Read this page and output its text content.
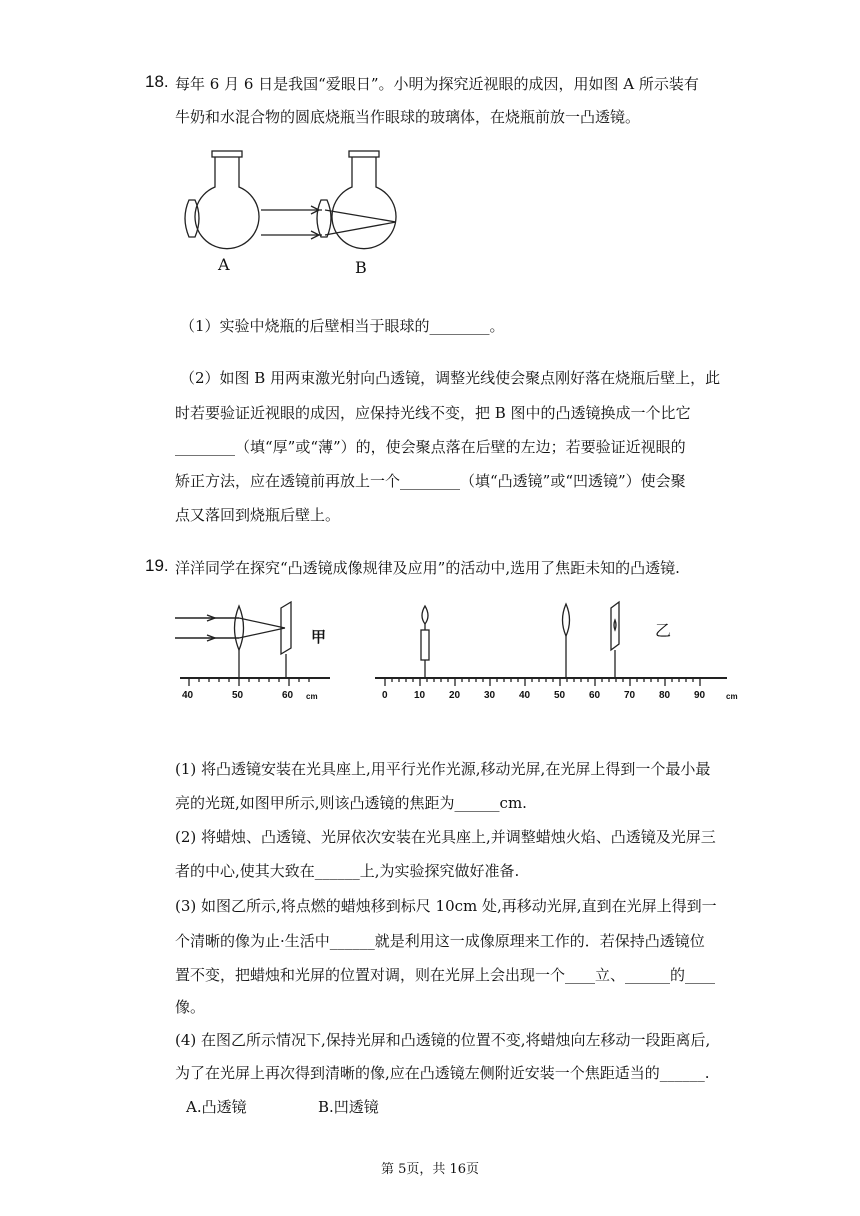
18. 每年 6 月 6 日是我国“爱眼日”。小明为探究近视眼的成因，用如图 A 所示装有
牛奶和水混合物的圆底烧瓶当作眼球的玻璃体，在烧瓶前放一凸透镜。
A	B
（1）实验中烧瓶的后壁相当于眼球的________。
（2）如图 B 用两束激光射向凸透镜，调整光线使会聚点刚好落在烧瓶后壁上，此
时若要验证近视眼的成因，应保持光线不变，把 B 图中的凸透镜换成一个比它
________（填“厚”或“薄”）的，使会聚点落在后壁的左边；若要验证近视眼的
矫正方法，应在透镜前再放上一个________（填“凸透镜”或“凹透镜”）使会聚
点又落回到烧瓶后壁上。
19. 洋洋同学在探究“凸透镜成像规律及应用”的活动中,选用了焦距未知的凸透镜.
40	50	60 cm
甲
0	10 20 30 40 50 60 70 80 90	cm
乙
(1) 将凸透镜安装在光具座上,用平行光作光源,移动光屏,在光屏上得到一个最小最
亮的光斑,如图甲所示,则该凸透镜的焦距为______cm.
(2) 将蜡烛、凸透镜、光屏依次安装在光具座上,并调整蜡烛火焰、凸透镜及光屏三
者的中心,使其大致在______上,为实验探究做好准备.
(3) 如图乙所示,将点燃的蜡烛移到标尺 10cm 处,再移动光屏,直到在光屏上得到一
个清晰的像为止·生活中______就是利用这一成像原理来工作的．若保持凸透镜位
置不变，把蜡烛和光屏的位置对调，则在光屏上会出现一个____立、______的____
像。
(4) 在图乙所示情况下,保持光屏和凸透镜的位置不变,将蜡烛向左移动一段距离后,
为了在光屏上再次得到清晰的像,应在凸透镜左侧附近安装一个焦距适当的______.
A.凸透镜	B.凹透镜
第 5页，共 16页
